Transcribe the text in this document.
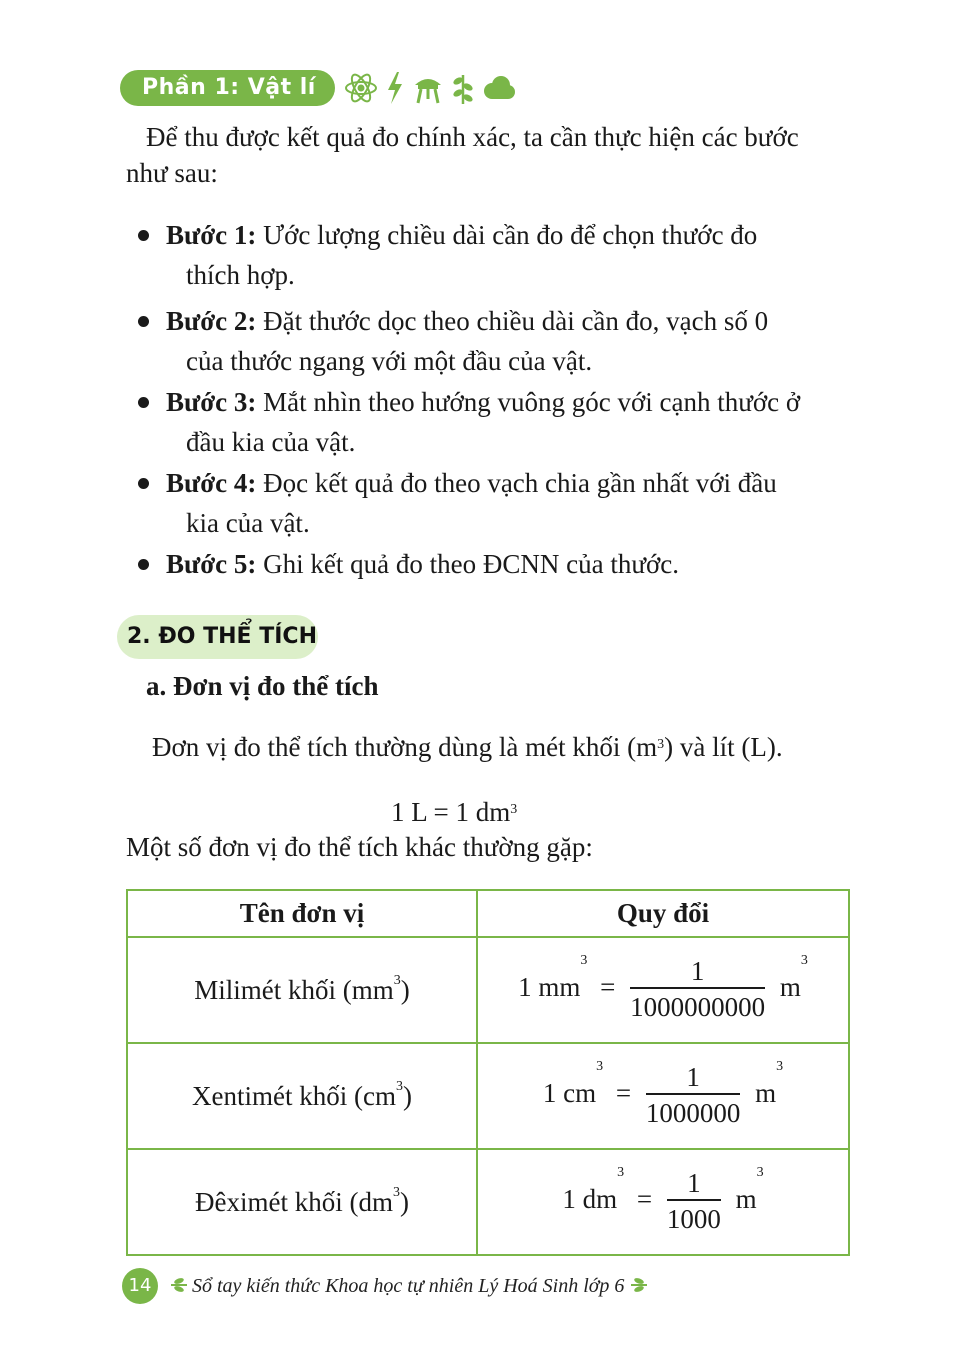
Phần 1: Vật lí
Để thu được kết quả đo chính xác, ta cần thực hiện các bước
như sau:
Bước 1: Ước lượng chiều dài cần đo để chọn thước đo
thích hợp.
Bước 2: Đặt thước dọc theo chiều dài cần đo, vạch số 0
của thước ngang với một đầu của vật.
Bước 3: Mắt nhìn theo hướng vuông góc với cạnh thước ở
đầu kia của vật.
Bước 4: Đọc kết quả đo theo vạch chia gần nhất với đầu
kia của vật.
Bước 5: Ghi kết quả đo theo ĐCNN của thước.
2. ĐO THỂ TÍCH
a. Đơn vị đo thể tích
Đơn vị đo thể tích thường dùng là mét khối $(m^3)$ và lít (L).
1 L = 1 $dm^3$
Một số đơn vị đo thể tích khác thường gặp:
Tên đơn vị	Quy đổi
Milimét khối $(mm^3)$	1 $mm^3 = \frac{1}{1000000000} m^3$
Xentimét khối $(cm^3)$	1 $cm^3 = \frac{1}{1000000} m^3$
Đêximét khối $(dm^3)$	1 $dm^3 = \frac{1}{1000} m^3$
14	Sổ tay kiến thức Khoa học tự nhiên Lý Hoá Sinh lớp 6
